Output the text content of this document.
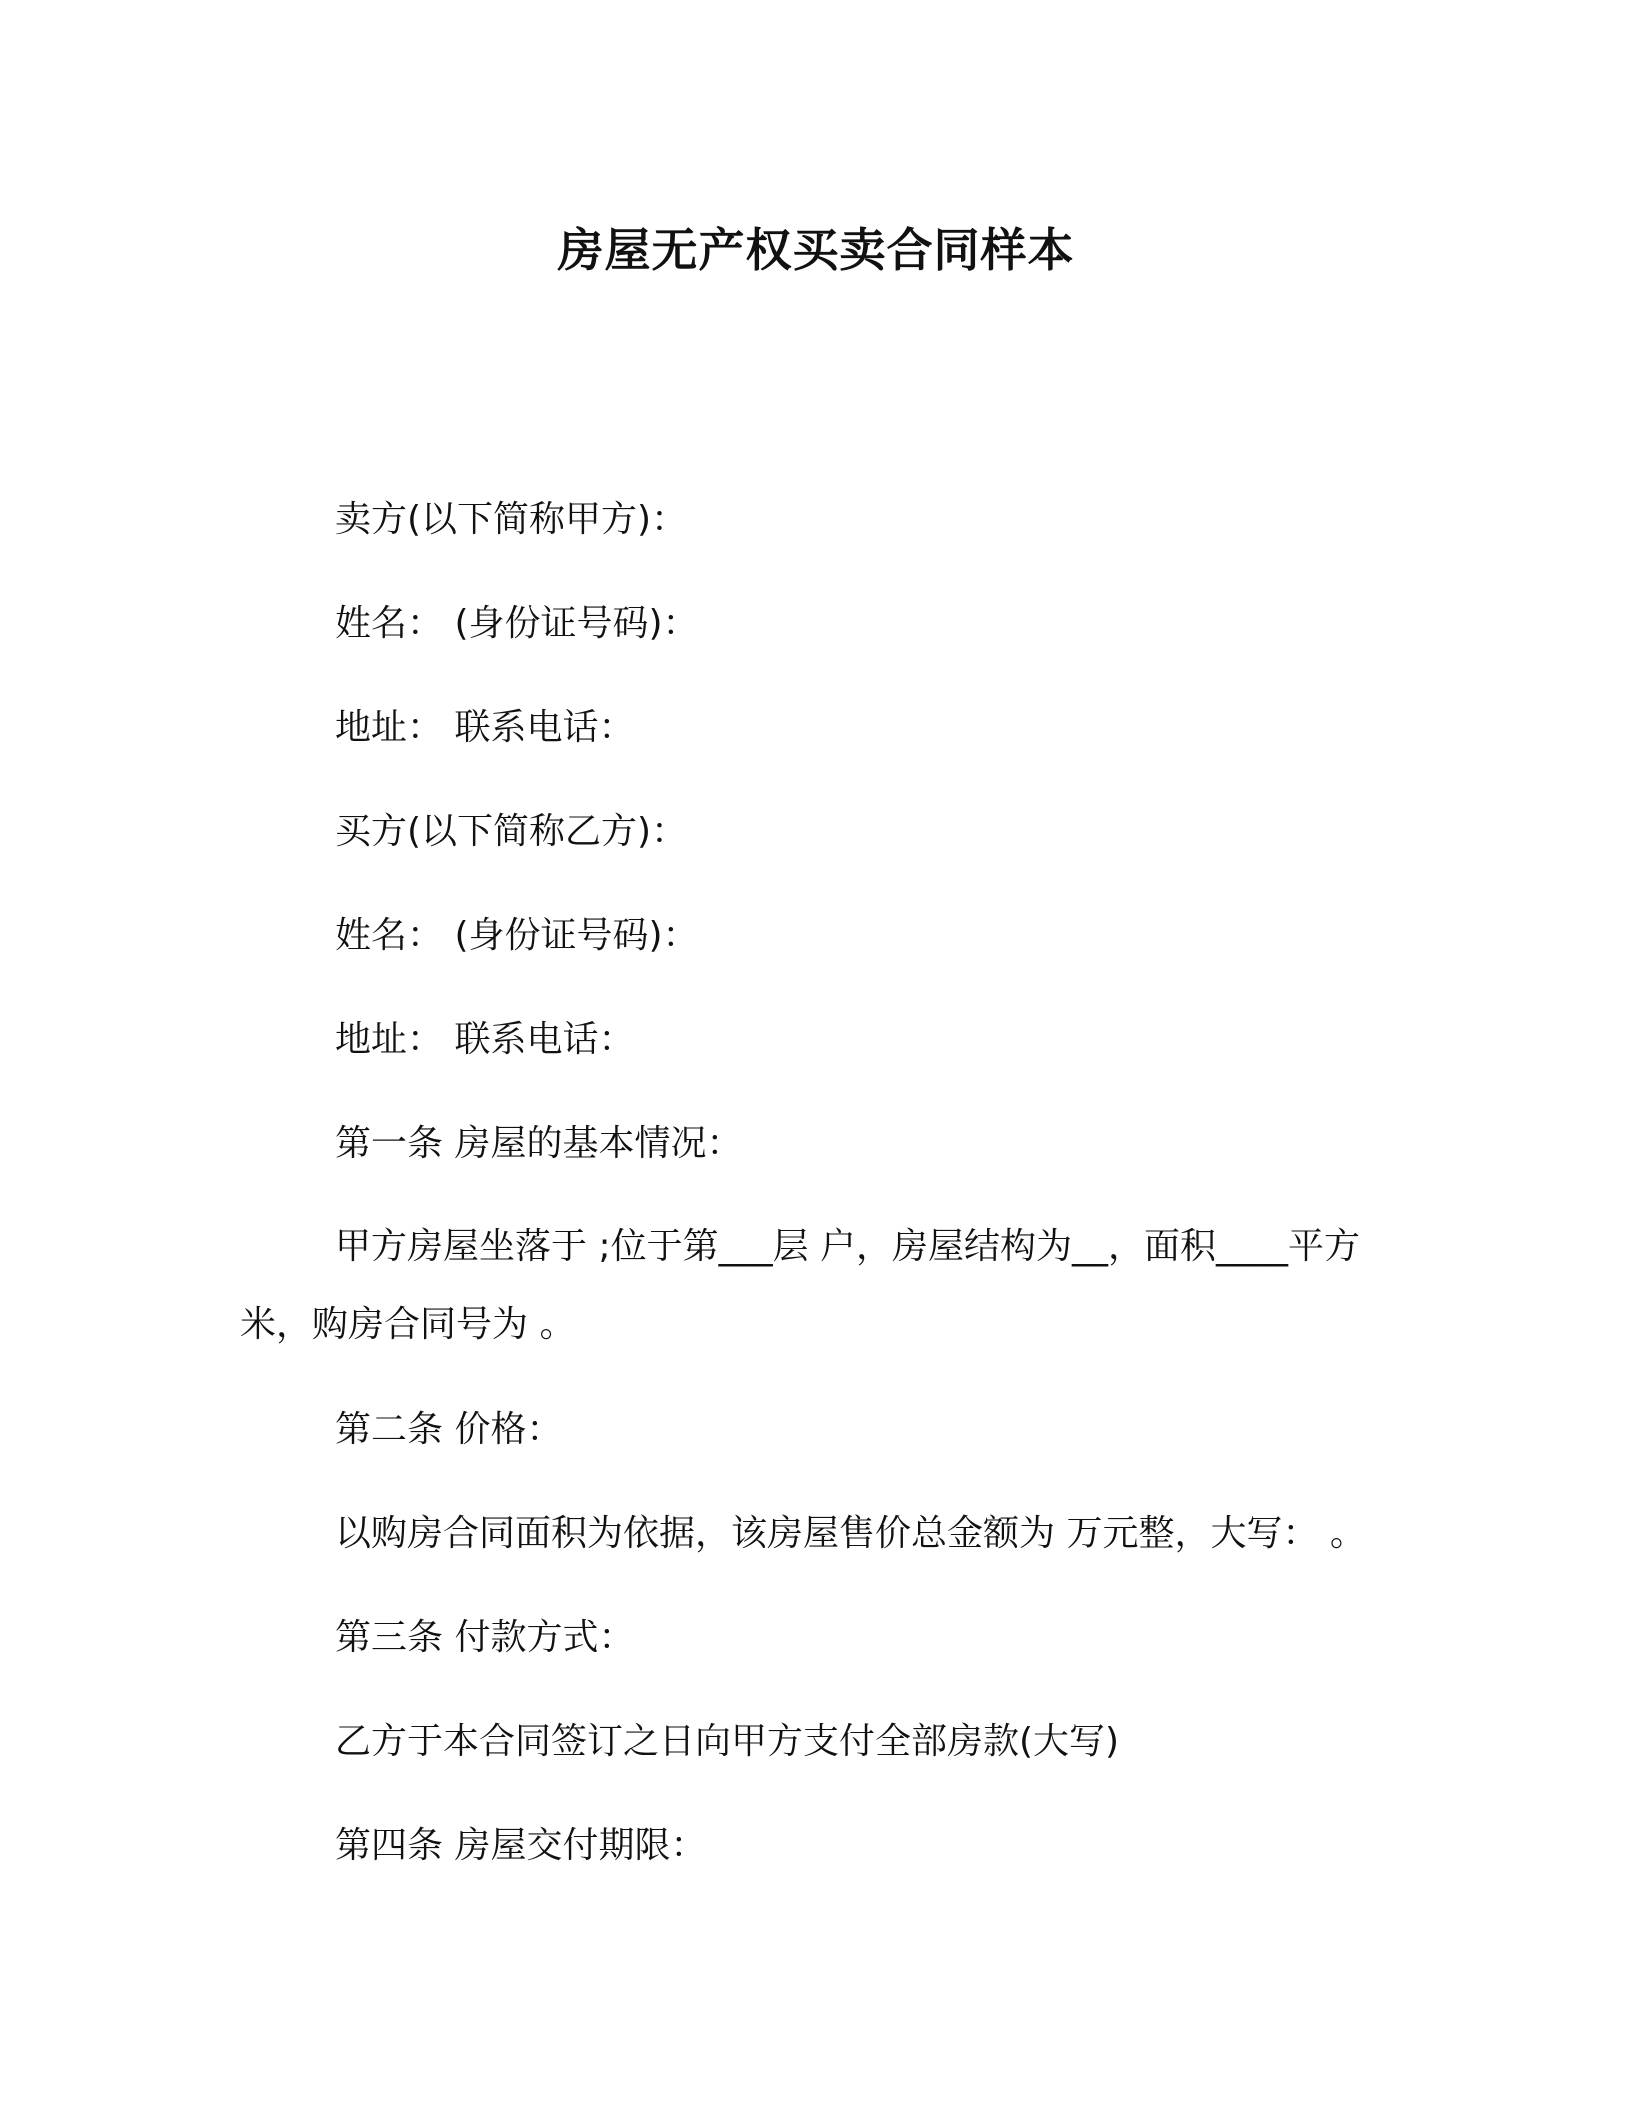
房屋无产权买卖合同样本
卖方(以下简称甲方)：
姓名： (身份证号码)：
地址： 联系电话：
买方(以下简称乙方)：
姓名： (身份证号码)：
地址： 联系电话：
第一条 房屋的基本情况：
甲方房屋坐落于 ;位于第___层 户，房屋结构为__，面积____平方米，购房合同号为 。
第二条 价格：
以购房合同面积为依据，该房屋售价总金额为 万元整，大写： 。
第三条 付款方式：
乙方于本合同签订之日向甲方支付全部房款(大写)
第四条 房屋交付期限：
